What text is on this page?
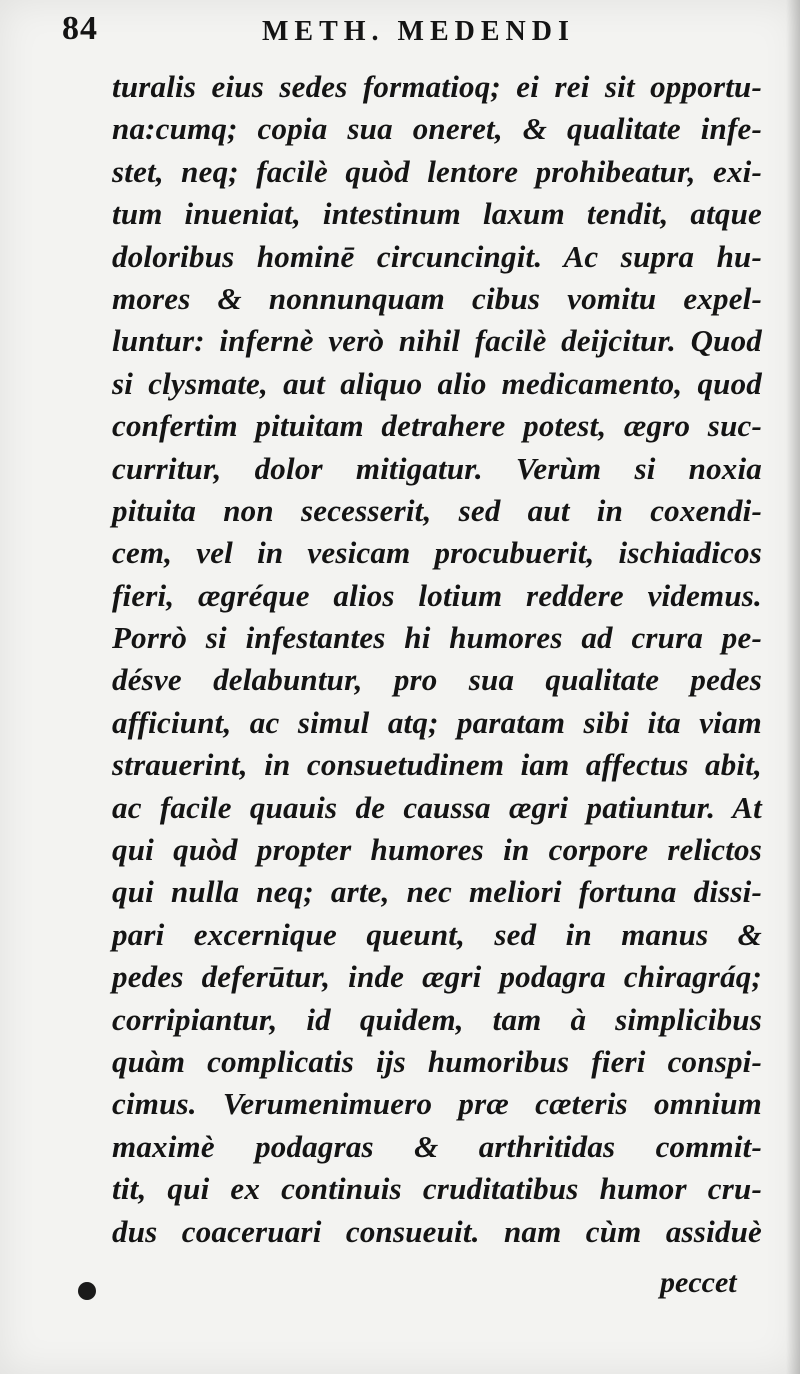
84	METH. MEDENDI
turalis eius sedes formatioq; ei rei sit opportu-
na:cumq; copia sua oneret, & qualitate infe-
stet, neq; facilè quòd lentore prohibeatur, exi-
tum inueniat, intestinum laxum tendit, atque
doloribus hominē circuncingit. Ac supra hu-
mores & nonnunquam cibus vomitu expel-
luntur: infernè verò nihil facilè deijcitur. Quod
si clysmate, aut aliquo alio medicamento, quod
confertim pituitam detrahere potest, ægro suc-
curritur, dolor mitigatur. Verùm si noxia
pituita non secesserit, sed aut in coxendi-
cem, vel in vesicam procubuerit, ischiadicos
fieri, ægréque alios lotium reddere videmus.
Porrò si infestantes hi humores ad crura pe-
désve delabuntur, pro sua qualitate pedes
afficiunt, ac simul atq; paratam sibi ita viam
strauerint, in consuetudinem iam affectus abit,
ac facile quauis de caussa ægri patiuntur. At
qui quòd propter humores in corpore relictos
qui nulla neq; arte, nec meliori fortuna dissi-
pari excernique queunt, sed in manus &
pedes deferūtur, inde ægri podagra chiragráq;
corripiantur, id quidem, tam à simplicibus
quàm complicatis ijs humoribus fieri conspi-
cimus. Verumenimuero præ cæteris omnium
maximè podagras & arthritidas commit-
tit, qui ex continuis cruditatibus humor cru-
dus coaceruari consueuit. nam cùm assiduè
peccet
